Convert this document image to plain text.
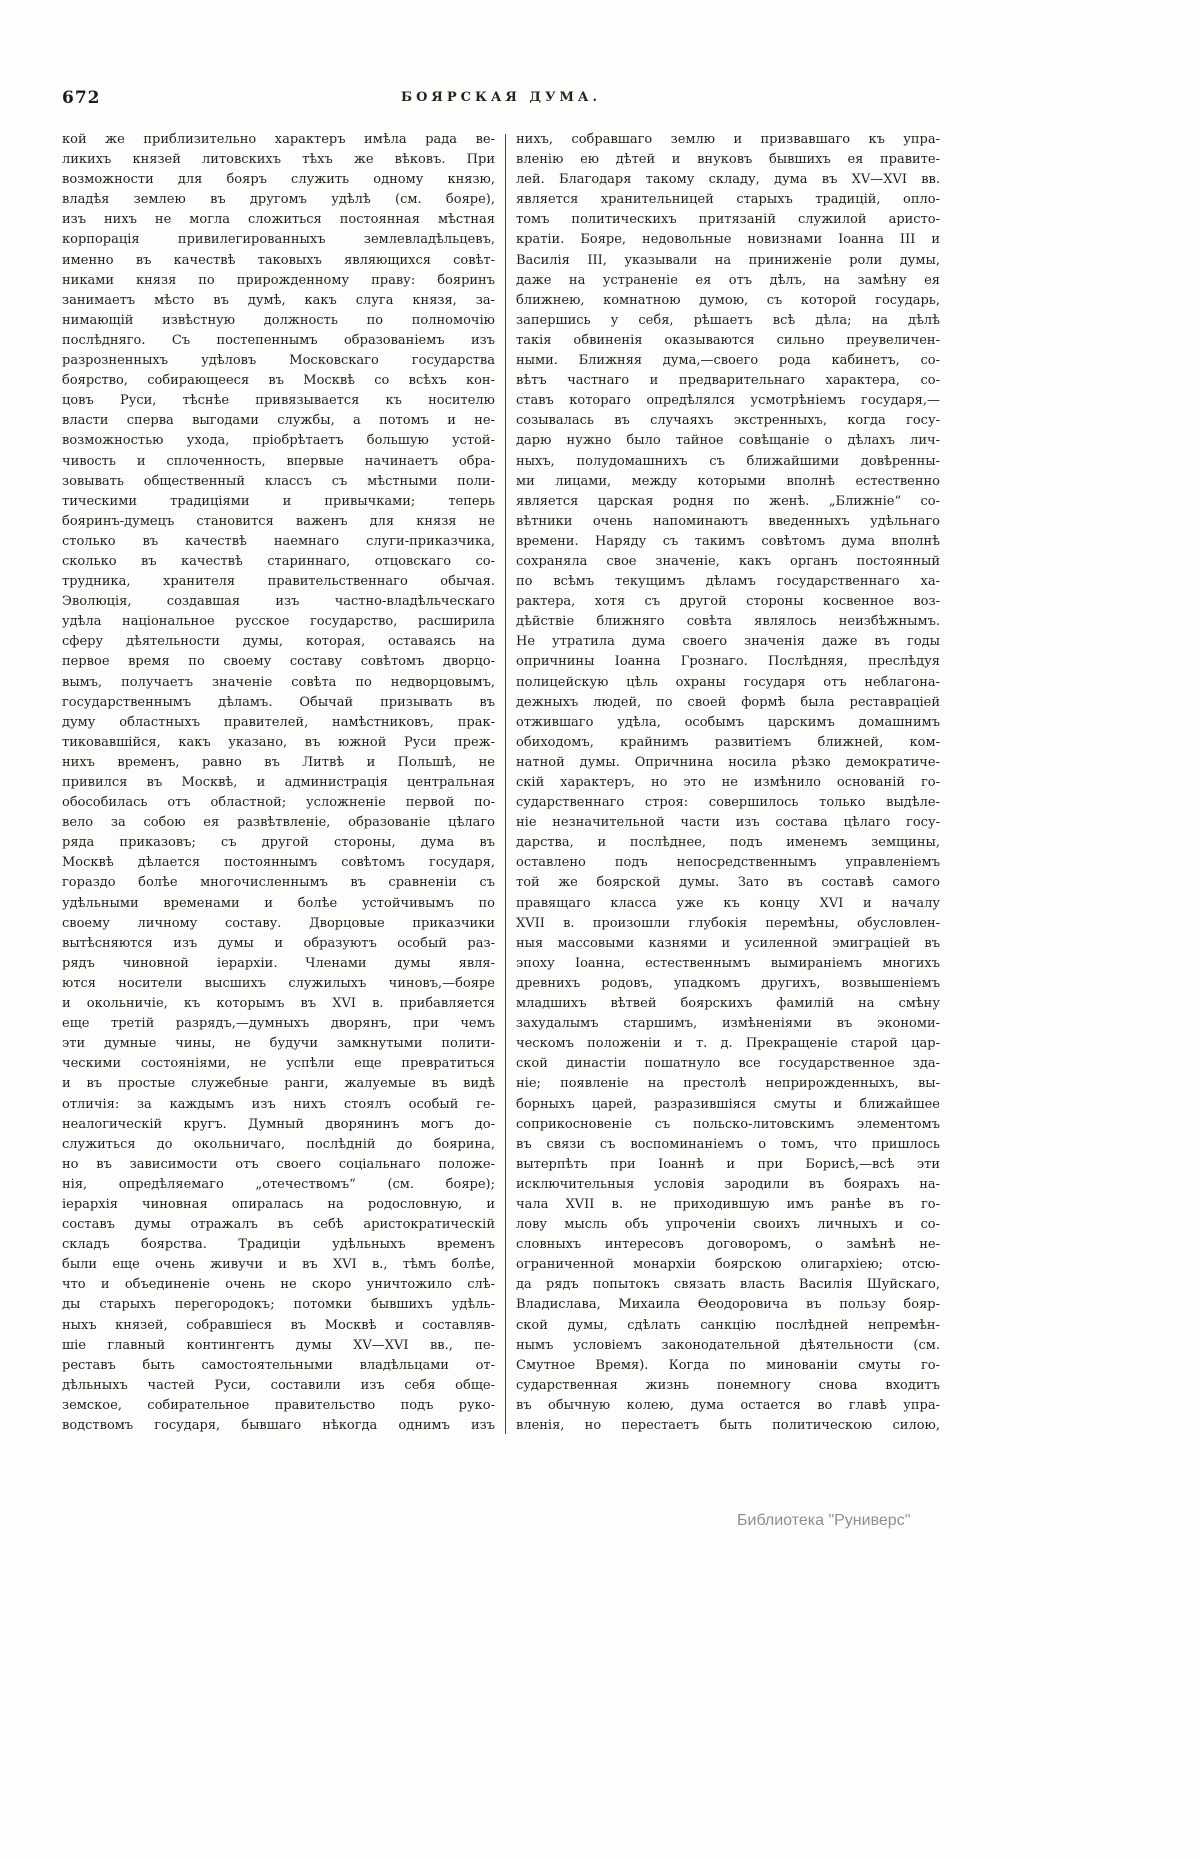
672	БОЯРСКАЯ ДУМА.
кой же приблизительно характеръ имѣла рада ве-
ликихъ князей литовскихъ тѣхъ же вѣковъ. При
возможности для бояръ служить одному князю,
владѣя землею въ другомъ удѣлѣ (см. бояре),
изъ нихъ не могла сложиться постоянная мѣстная
корпорація привилегированныхъ землевладѣльцевъ,
именно въ качествѣ таковыхъ являющихся совѣт-
никами князя по прирожденному праву: бояринъ
занимаетъ мѣсто въ думѣ, какъ слуга князя, за-
нимающій извѣстную должность по полномочію
послѣдняго. Съ постепеннымъ образованіемъ изъ
разрозненныхъ удѣловъ Московскаго государства
боярство, собирающееся въ Москвѣ со всѣхъ кон-
цовъ Руси, тѣснѣе привязывается къ носителю
власти сперва выгодами службы, а потомъ и не-
возможностью ухода, пріобрѣтаетъ большую устой-
чивость и сплоченность, впервые начинаетъ обра-
зовывать общественный классъ съ мѣстными поли-
тическими традиціями и привычками; теперь
бояринъ-думецъ становится важенъ для князя не
столько въ качествѣ наемнаго слуги-приказчика,
сколько въ качествѣ стариннаго, отцовскаго со-
трудника, хранителя правительственнаго обычая.
Эволюція, создавшая изъ частно-владѣльческаго
удѣла національное русское государство, расширила
сферу дѣятельности думы, которая, оставаясь на
первое время по своему составу совѣтомъ дворцо-
вымъ, получаетъ значеніе совѣта по недворцовымъ,
государственнымъ дѣламъ. Обычай призывать въ
думу областныхъ правителей, намѣстниковъ, прак-
тиковавшійся, какъ указано, въ южной Руси преж-
нихъ временъ, равно въ Литвѣ и Польшѣ, не
привился въ Москвѣ, и администрація центральная
обособилась отъ областной; усложненіе первой по-
вело за собою ея развѣтвленіе, образованіе цѣлаго
ряда приказовъ; съ другой стороны, дума въ
Москвѣ дѣлается постояннымъ совѣтомъ государя,
гораздо болѣе многочисленнымъ въ сравненіи съ
удѣльными временами и болѣе устойчивымъ по
своему личному составу. Дворцовые приказчики
вытѣсняются изъ думы и образуютъ особый раз-
рядъ чиновной іерархіи. Членами думы явля-
ются носители высшихъ служилыхъ чиновъ,—бояре
и окольничіе, къ которымъ въ XVI в. прибавляется
еще третій разрядъ,—думныхъ дворянъ, при чемъ
эти думные чины, не будучи замкнутыми полити-
ческими состояніями, не успѣли еще превратиться
и въ простые служебные ранги, жалуемые въ видѣ
отличія: за каждымъ изъ нихъ стоялъ особый ге-
неалогическій кругъ. Думный дворянинъ могъ до-
служиться до окольничаго, послѣдній до боярина,
но въ зависимости отъ своего соціальнаго положе-
нія, опредѣляемаго „отечествомъ“ (см. бояре);
іерархія чиновная опиралась на родословную, и
составъ думы отражалъ въ себѣ аристократическій
складъ боярства. Традиціи удѣльныхъ временъ
были еще очень живучи и въ XVI в., тѣмъ болѣе,
что и объединеніе очень не скоро уничтожило слѣ-
ды старыхъ перегородокъ; потомки бывшихъ удѣль-
ныхъ князей, собравшіеся въ Москвѣ и составляв-
шіе главный контингентъ думы XV—XVI вв., пе-
реставъ быть самостоятельными владѣльцами от-
дѣльныхъ частей Руси, составили изъ себя обще-
земское, собирательное правительство подъ руко-
водствомъ государя, бывшаго нѣкогда однимъ изъ
нихъ, собравшаго землю и призвавшаго къ упра-
вленію ею дѣтей и внуковъ бывшихъ ея правите-
лей. Благодаря такому складу, дума въ XV—XVI вв.
является хранительницей старыхъ традицій, опло-
томъ политическихъ притязаній служилой аристо-
кратіи. Бояре, недовольные новизнами Іоанна III и
Василія III, указывали на приниженіе роли думы,
даже на устраненіе ея отъ дѣлъ, на замѣну ея
ближнею, комнатною думою, съ которой государь,
запершись у себя, рѣшаетъ всѣ дѣла; на дѣлѣ
такія обвиненія оказываются сильно преувеличен-
ными. Ближняя дума,—своего рода кабинетъ, со-
вѣтъ частнаго и предварительнаго характера, со-
ставъ котораго опредѣлялся усмотрѣніемъ государя,—
созывалась въ случаяхъ экстренныхъ, когда госу-
дарю нужно было тайное совѣщаніе о дѣлахъ лич-
ныхъ, полудомашнихъ съ ближайшими довѣренны-
ми лицами, между которыми вполнѣ естественно
является царская родня по женѣ. „Ближніе“ со-
вѣтники очень напоминаютъ введенныхъ удѣльнаго
времени. Наряду съ такимъ совѣтомъ дума вполнѣ
сохраняла свое значеніе, какъ органъ постоянный
по всѣмъ текущимъ дѣламъ государственнаго ха-
рактера, хотя съ другой стороны косвенное воз-
дѣйствіе ближняго совѣта являлось неизбѣжнымъ.
Не утратила дума своего значенія даже въ годы
опричнины Іоанна Грознаго. Послѣдняя, преслѣдуя
полицейскую цѣль охраны государя отъ неблагона-
дежныхъ людей, по своей формѣ была реставраціей
отжившаго удѣла, особымъ царскимъ домашнимъ
обиходомъ, крайнимъ развитіемъ ближней, ком-
натной думы. Опричнина носила рѣзко демократиче-
скій характеръ, но это не измѣнило основаній го-
сударственнаго строя: совершилось только выдѣле-
ніе незначительной части изъ состава цѣлаго госу-
дарства, и послѣднее, подъ именемъ земщины,
оставлено подъ непосредственнымъ управленіемъ
той же боярской думы. Зато въ составѣ самого
правящаго класса уже къ концу XVI и началу
XVII в. произошли глубокія перемѣны, обусловлен-
ныя массовыми казнями и усиленной эмиграціей въ
эпоху Іоанна, естественнымъ вымираніемъ многихъ
древнихъ родовъ, упадкомъ другихъ, возвышеніемъ
младшихъ вѣтвей боярскихъ фамилій на смѣну
захудалымъ старшимъ, измѣненіями въ экономи-
ческомъ положеніи и т. д. Прекращеніе старой цар-
ской династіи пошатнуло все государственное зда-
ніе; появленіе на престолѣ неприрожденныхъ, вы-
борныхъ царей, разразившіяся смуты и ближайшее
соприкосновеніе съ польско-литовскимъ элементомъ
въ связи съ воспоминаніемъ о томъ, что пришлось
вытерпѣть при Іоаннѣ и при Борисѣ,—всѣ эти
исключительныя условія зародили въ боярахъ на-
чала XVII в. не приходившую имъ ранѣе въ го-
лову мысль объ упроченіи своихъ личныхъ и со-
словныхъ интересовъ договоромъ, о замѣнѣ не-
ограниченной монархіи боярскою олигархіею; отсю-
да рядъ попытокъ связать власть Василія Шуйскаго,
Владислава, Михаила Ѳеодоровича въ пользу бояр-
ской думы, сдѣлать санкцію послѣдней непремѣн-
нымъ условіемъ законодательной дѣятельности (см.
Смутное Время). Когда по минованіи смуты го-
сударственная жизнь понемногу снова входитъ
въ обычную колею, дума остается во главѣ упра-
вленія, но перестаетъ быть политическою силою,
Библиотека "Руниверс"
